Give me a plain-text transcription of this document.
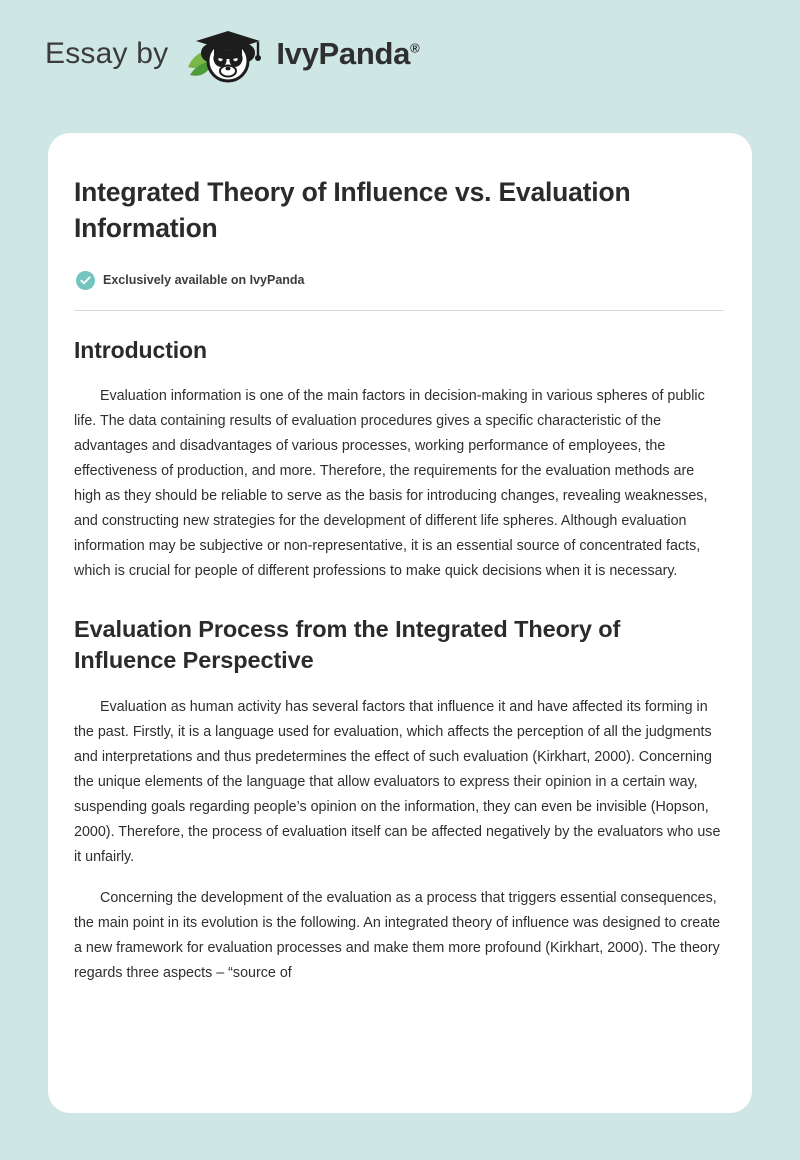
Essay by	IvyPanda®
Integrated Theory of Influence vs. Evaluation Information
Exclusively available on IvyPanda
Introduction

Evaluation information is one of the main factors in decision-making in various spheres of public life. The data containing results of evaluation procedures gives a specific characteristic of the advantages and disadvantages of various processes, working performance of employees, the effectiveness of production, and more. Therefore, the requirements for the evaluation methods are high as they should be reliable to serve as the basis for introducing changes, revealing weaknesses, and constructing new strategies for the development of different life spheres. Although evaluation information may be subjective or non-representative, it is an essential source of concentrated facts, which is crucial for people of different professions to make quick decisions when it is necessary.

Evaluation Process from the Integrated Theory of Influence Perspective

Evaluation as human activity has several factors that influence it and have affected its forming in the past. Firstly, it is a language used for evaluation, which affects the perception of all the judgments and interpretations and thus predetermines the effect of such evaluation (Kirkhart, 2000). Concerning the unique elements of the language that allow evaluators to express their opinion in a certain way, suspending goals regarding people’s opinion on the information, they can even be invisible (Hopson, 2000). Therefore, the process of evaluation itself can be affected negatively by the evaluators who use it unfairly.

Concerning the development of the evaluation as a process that triggers essential consequences, the main point in its evolution is the following. An integrated theory of influence was designed to create a new framework for evaluation processes and make them more profound (Kirkhart, 2000). The theory regards three aspects – “source of
